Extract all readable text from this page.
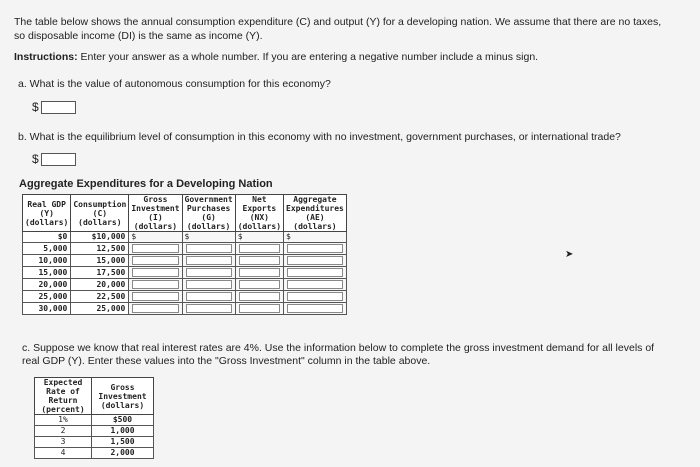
The table below shows the annual consumption expenditure (C) and output (Y) for a developing nation. We assume that there are no taxes, so disposable income (DI) is the same as income (Y).
Instructions: Enter your answer as a whole number. If you are entering a negative number include a minus sign.
a. What is the value of autonomous consumption for this economy?
$
b. What is the equilibrium level of consumption in this economy with no investment, government purchases, or international trade?
$
Aggregate Expenditures for a Developing Nation
Real GDP
(Y)
(dollars)	Consumption
(C)
(dollars)	Gross
Investment
(I)
(dollars)	Government
Purchases
(G)
(dollars)	Net
Exports
(NX)
(dollars)	Aggregate
Expenditures
(AE)
(dollars)
$0	$10,000	$	$	$	$

5,000	12,500	

10,000	15,000	

15,000	17,500	

20,000	20,000	

25,000	22,500	

30,000	25,000	

➤
c. Suppose we know that real interest rates are 4%. Use the information below to complete the gross investment demand for all levels of real GDP (Y). Enter these values into the "Gross Investment" column in the table above.
Expected
Rate of
Return
(percent)	Gross
Investment
(dollars)
1%	$500
2	1,000
3	1,500
4	2,000
